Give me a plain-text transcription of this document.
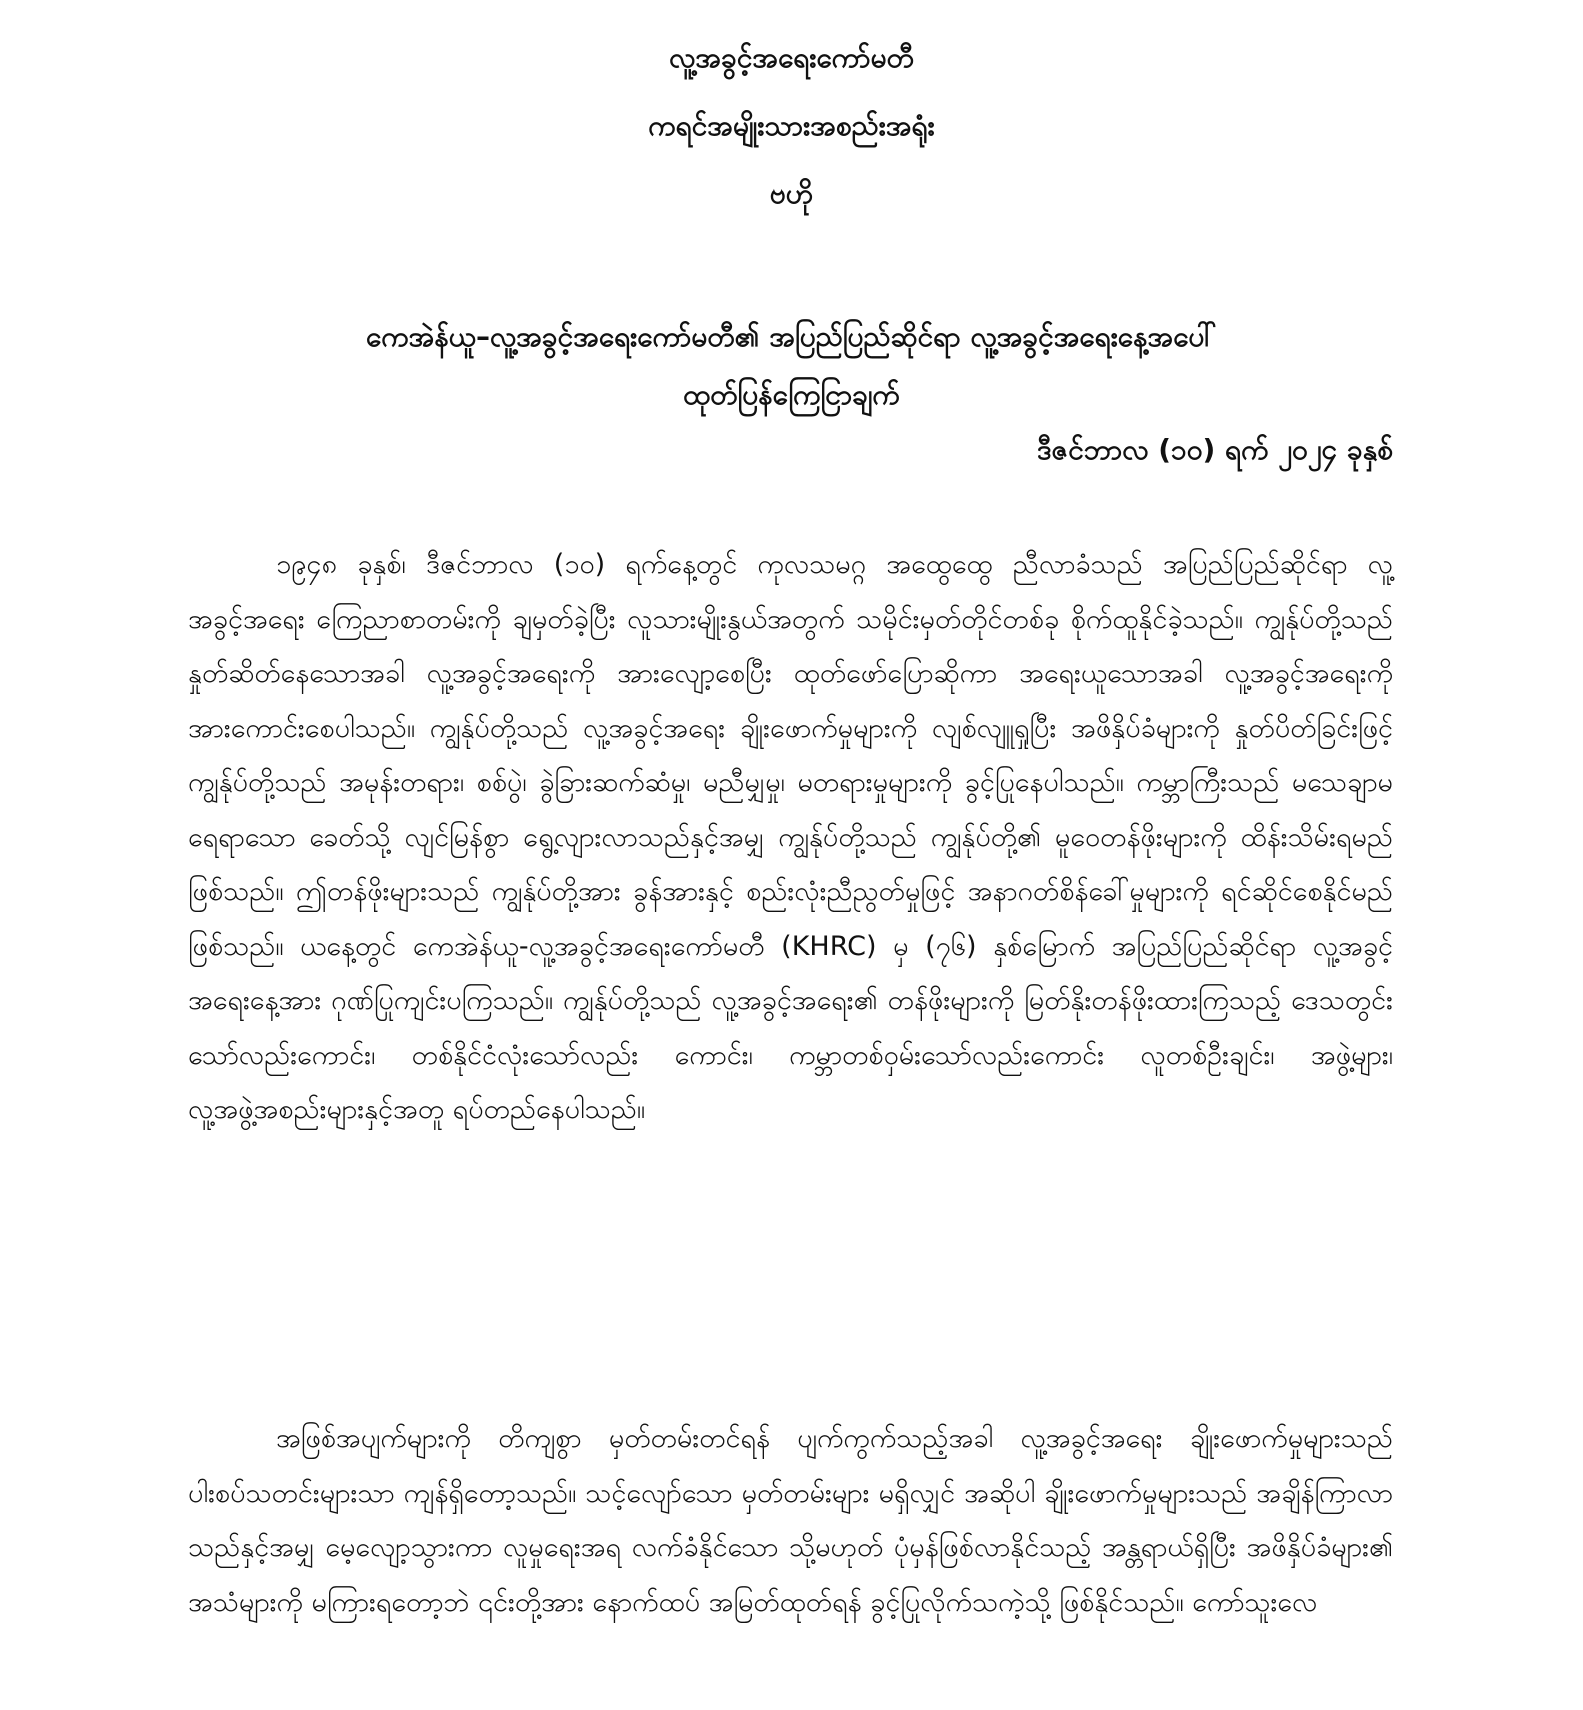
လူ့အခွင့်အရေးကော်မတီ
ကရင်အမျိုးသားအစည်းအရုံး
ဗဟို
ကေအဲန်ယူ–လူ့အခွင့်အရေးကော်မတီ၏ အပြည်ပြည်ဆိုင်ရာ လူ့အခွင့်အရေးနေ့အပေါ်
ထုတ်ပြန်ကြေငြာချက်
ဒီဇင်ဘာလ (၁၀) ရက် ၂၀၂၄ ခုနှစ်

၁၉၄၈ ခုနှစ်၊ ဒီဇင်ဘာလ (၁၀) ရက်နေ့တွင် ကုလသမဂ္ဂ အထွေထွေ ညီလာခံသည် အပြည်ပြည်ဆိုင်ရာ လူ့အခွင့်အရေး ကြေညာစာတမ်းကို ချမှတ်ခဲ့ပြီး လူသားမျိုးနွယ်အတွက် သမိုင်းမှတ်တိုင်တစ်ခု စိုက်ထူနိုင်ခဲ့သည်။ ကျွန်ုပ်တို့သည် နှုတ်ဆိတ်နေသောအခါ လူ့အခွင့်အရေးကို အားလျော့စေပြီး ထုတ်ဖော်ပြောဆိုကာ အရေးယူသောအခါ လူ့အခွင့်အရေးကို အားကောင်းစေပါသည်။ ကျွန်ုပ်တို့သည် လူ့အခွင့်အရေး ချိုးဖောက်မှုများကို လျစ်လျူရှုပြီး အဖိနှိပ်ခံများကို နှုတ်ပိတ်ခြင်းဖြင့် ကျွန်ုပ်တို့သည် အမုန်းတရား၊ စစ်ပွဲ၊ ခွဲခြားဆက်ဆံမှု၊ မညီမျှမှု၊ မတရားမှုများကို ခွင့်ပြုနေပါသည်။ ကမ္ဘာကြီးသည် မသေချာမရေရာသော ခေတ်သို့ လျင်မြန်စွာ ရွေ့လျားလာသည်နှင့်အမျှ ကျွန်ုပ်တို့သည် ကျွန်ုပ်တို့၏ မူဝေတန်ဖိုးများကို ထိန်းသိမ်းရမည်ဖြစ်သည်။ ဤတန်ဖိုးများသည် ကျွန်ုပ်တို့အား ခွန်အားနှင့် စည်းလုံးညီညွတ်မှုဖြင့် အနာဂတ်စိန်ခေါ်မှုများကို ရင်ဆိုင်စေနိုင်မည်ဖြစ်သည်။ ယနေ့တွင် ကေအဲန်ယူ-လူ့အခွင့်အရေးကော်မတီ (KHRC) မှ (၇၆) နှစ်မြောက် အပြည်ပြည်ဆိုင်ရာ လူ့အခွင့် အရေးနေ့အား ဂုဏ်ပြုကျင်းပကြသည်။ ကျွန်ုပ်တို့သည် လူ့အခွင့်အရေး၏ တန်ဖိုးများကို မြတ်နိုးတန်ဖိုးထားကြသည့် ဒေသတွင်းသော်လည်းကောင်း၊ တစ်နိုင်ငံလုံးသော်လည်း ကောင်း၊ ကမ္ဘာတစ်ဝှမ်းသော်လည်းကောင်း လူတစ်ဦးချင်း၊ အဖွဲ့များ၊ လူ့အဖွဲ့အစည်းများနှင့်အတူ ရပ်တည်နေပါသည်။

အဖြစ်အပျက်များကို တိကျစွာ မှတ်တမ်းတင်ရန် ပျက်ကွက်သည့်အခါ လူ့အခွင့်အရေး ချိုးဖောက်မှုများသည် ပါးစပ်သတင်းများသာ ကျန်ရှိတော့သည်။ သင့်လျော်သော မှတ်တမ်းများ မရှိလျှင် အဆိုပါ ချိုးဖောက်မှုများသည် အချိန်ကြာလာသည်နှင့်အမျှ မေ့လျော့သွားကာ လူမှုရေးအရ လက်ခံနိုင်သော သို့မဟုတ် ပုံမှန်ဖြစ်လာနိုင်သည့် အန္တရာယ်ရှိပြီး အဖိနှိပ်ခံများ၏ အသံများကို မကြားရတော့ဘဲ ၎င်းတို့အား နောက်ထပ် အမြတ်ထုတ်ရန် ခွင့်ပြုလိုက်သကဲ့သို့ ဖြစ်နိုင်သည်။ ကော်သူးလေ
